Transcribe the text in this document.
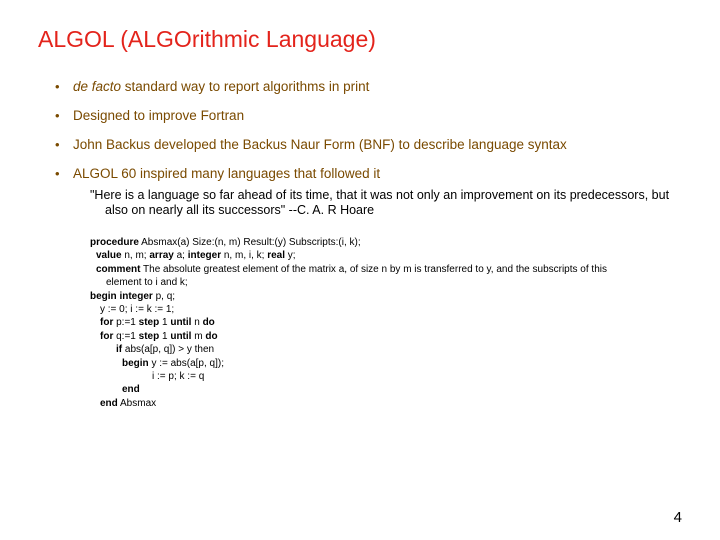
ALGOL (ALGOrithmic Language)
• de facto standard way to report algorithms in print
• Designed to improve Fortran
• John Backus developed the Backus Naur Form (BNF) to describe language syntax
• ALGOL 60 inspired many languages that followed it
"Here is a language so far ahead of its time, that it was not only an improvement on its predecessors, but
also on nearly all its successors" --C. A. R Hoare
procedure Absmax(a) Size:(n, m) Result:(y) Subscripts:(i, k);
value n, m; array a; integer n, m, i, k; real y;
comment The absolute greatest element of the matrix a, of size n by m is transferred to y, and the subscripts of this
element to i and k;
begin integer p, q;
y := 0; i := k := 1;
for p:=1 step 1 until n do
for q:=1 step 1 until m do
if abs(a[p, q]) > y then
begin y := abs(a[p, q]);
i := p; k := q
end
end Absmax
4
